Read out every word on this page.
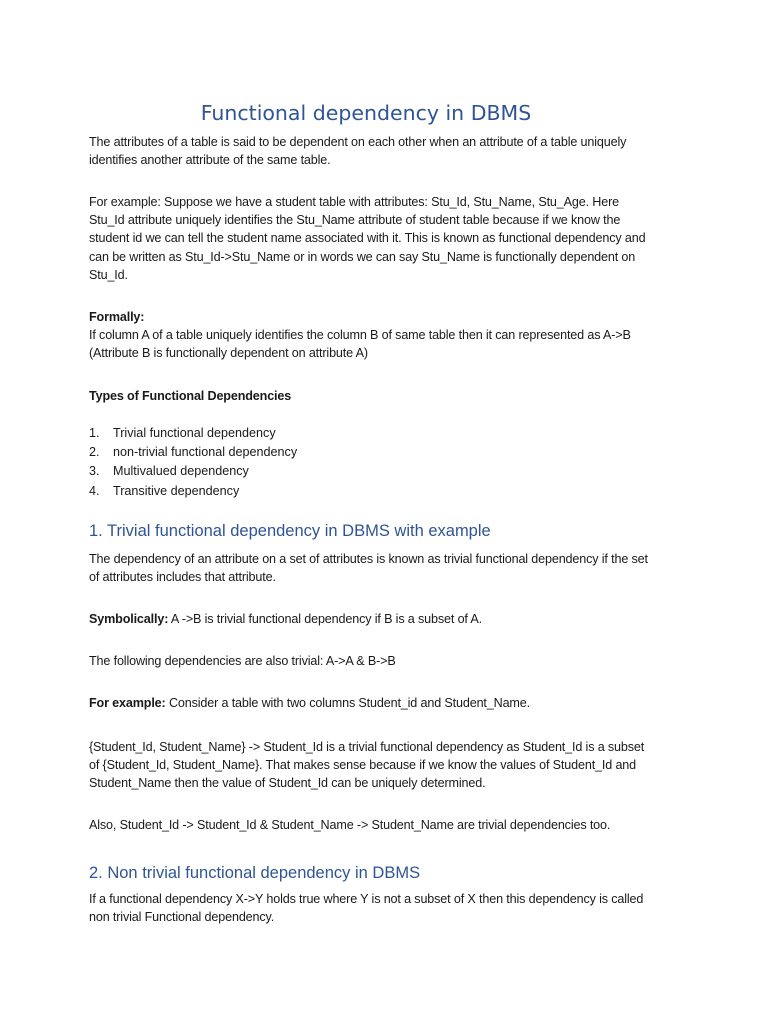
Functional dependency in DBMS

The attributes of a table is said to be dependent on each other when an attribute of a table uniquely identifies another attribute of the same table.

For example: Suppose we have a student table with attributes: Stu_Id, Stu_Name, Stu_Age. Here Stu_Id attribute uniquely identifies the Stu_Name attribute of student table because if we know the student id we can tell the student name associated with it. This is known as functional dependency and can be written as Stu_Id->Stu_Name or in words we can say Stu_Name is functionally dependent on Stu_Id.

Formally:

If column A of a table uniquely identifies the column B of same table then it can represented as A->B (Attribute B is functionally dependent on attribute A)

Types of Functional Dependencies

1. Trivial functional dependency
2. non-trivial functional dependency
3. Multivalued dependency
4. Transitive dependency
1. Trivial functional dependency in DBMS with example

The dependency of an attribute on a set of attributes is known as trivial functional dependency if the set of attributes includes that attribute.

Symbolically: A ->B is trivial functional dependency if B is a subset of A.

The following dependencies are also trivial: A->A & B->B

For example: Consider a table with two columns Student_id and Student_Name.

{Student_Id, Student_Name} -> Student_Id is a trivial functional dependency as Student_Id is a subset of {Student_Id, Student_Name}. That makes sense because if we know the values of Student_Id and Student_Name then the value of Student_Id can be uniquely determined.

Also, Student_Id -> Student_Id & Student_Name -> Student_Name are trivial dependencies too.

2. Non trivial functional dependency in DBMS

If a functional dependency X->Y holds true where Y is not a subset of X then this dependency is called non trivial Functional dependency.
